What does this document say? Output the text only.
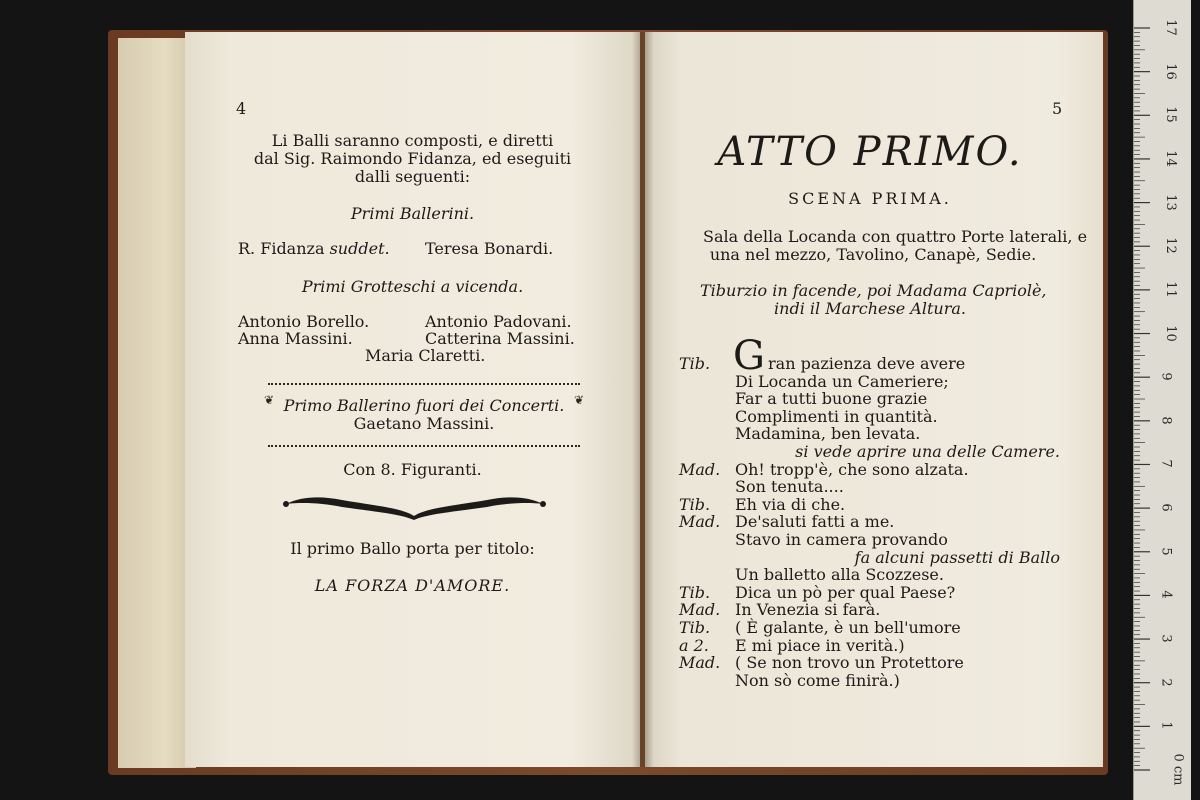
4
Li Balli saranno composti, e diretti
dal Sig. Raimondo Fidanza, ed eseguiti
dalli seguenti:
Primi Ballerini.
R. Fidanza suddet. Teresa Bonardi.
Primi Grotteschi a vicenda.
Antonio Borello.	Antonio Padovani.
Anna Massini.	Catterina Massini.
Maria Claretti.
❦	❦
Primo Ballerino fuori dei Concerti.
Gaetano Massini.
Con 8. Figuranti.
Il primo Ballo porta per titolo:
LA FORZA D'AMORE.
5
ATTO PRIMO.
SCENA PRIMA.
Sala della Locanda con quattro Porte laterali, e
una nel mezzo, Tavolino, Canapè, Sedie.
Tiburzio in facende, poi Madama Capriolè,
indi il Marchese Altura.
G
Tib.	ran pazienza deve avere
Di Locanda un Cameriere;
Far a tutti buone grazie
Complimenti in quantità.
Madamina, ben levata.
si vede aprire una delle Camere.
Mad. Oh! tropp'è, che sono alzata.
Son tenuta....
Tib. Eh via di che.
Mad. De'saluti fatti a me.
Stavo in camera provando
fa alcuni passetti di Ballo
Un balletto alla Scozzese.
Tib. Dica un pò per qual Paese?
Mad. In Venezia si farà.
Tib. ( È galante, è un bell'umore
a 2. E mi piace in verità.)
Mad. ( Se non trovo un Protettore
Non sò come finirà.)
17
16
15
14
13
12
11
10
9
8
7
6
5
4
3
2
1
0 cm
